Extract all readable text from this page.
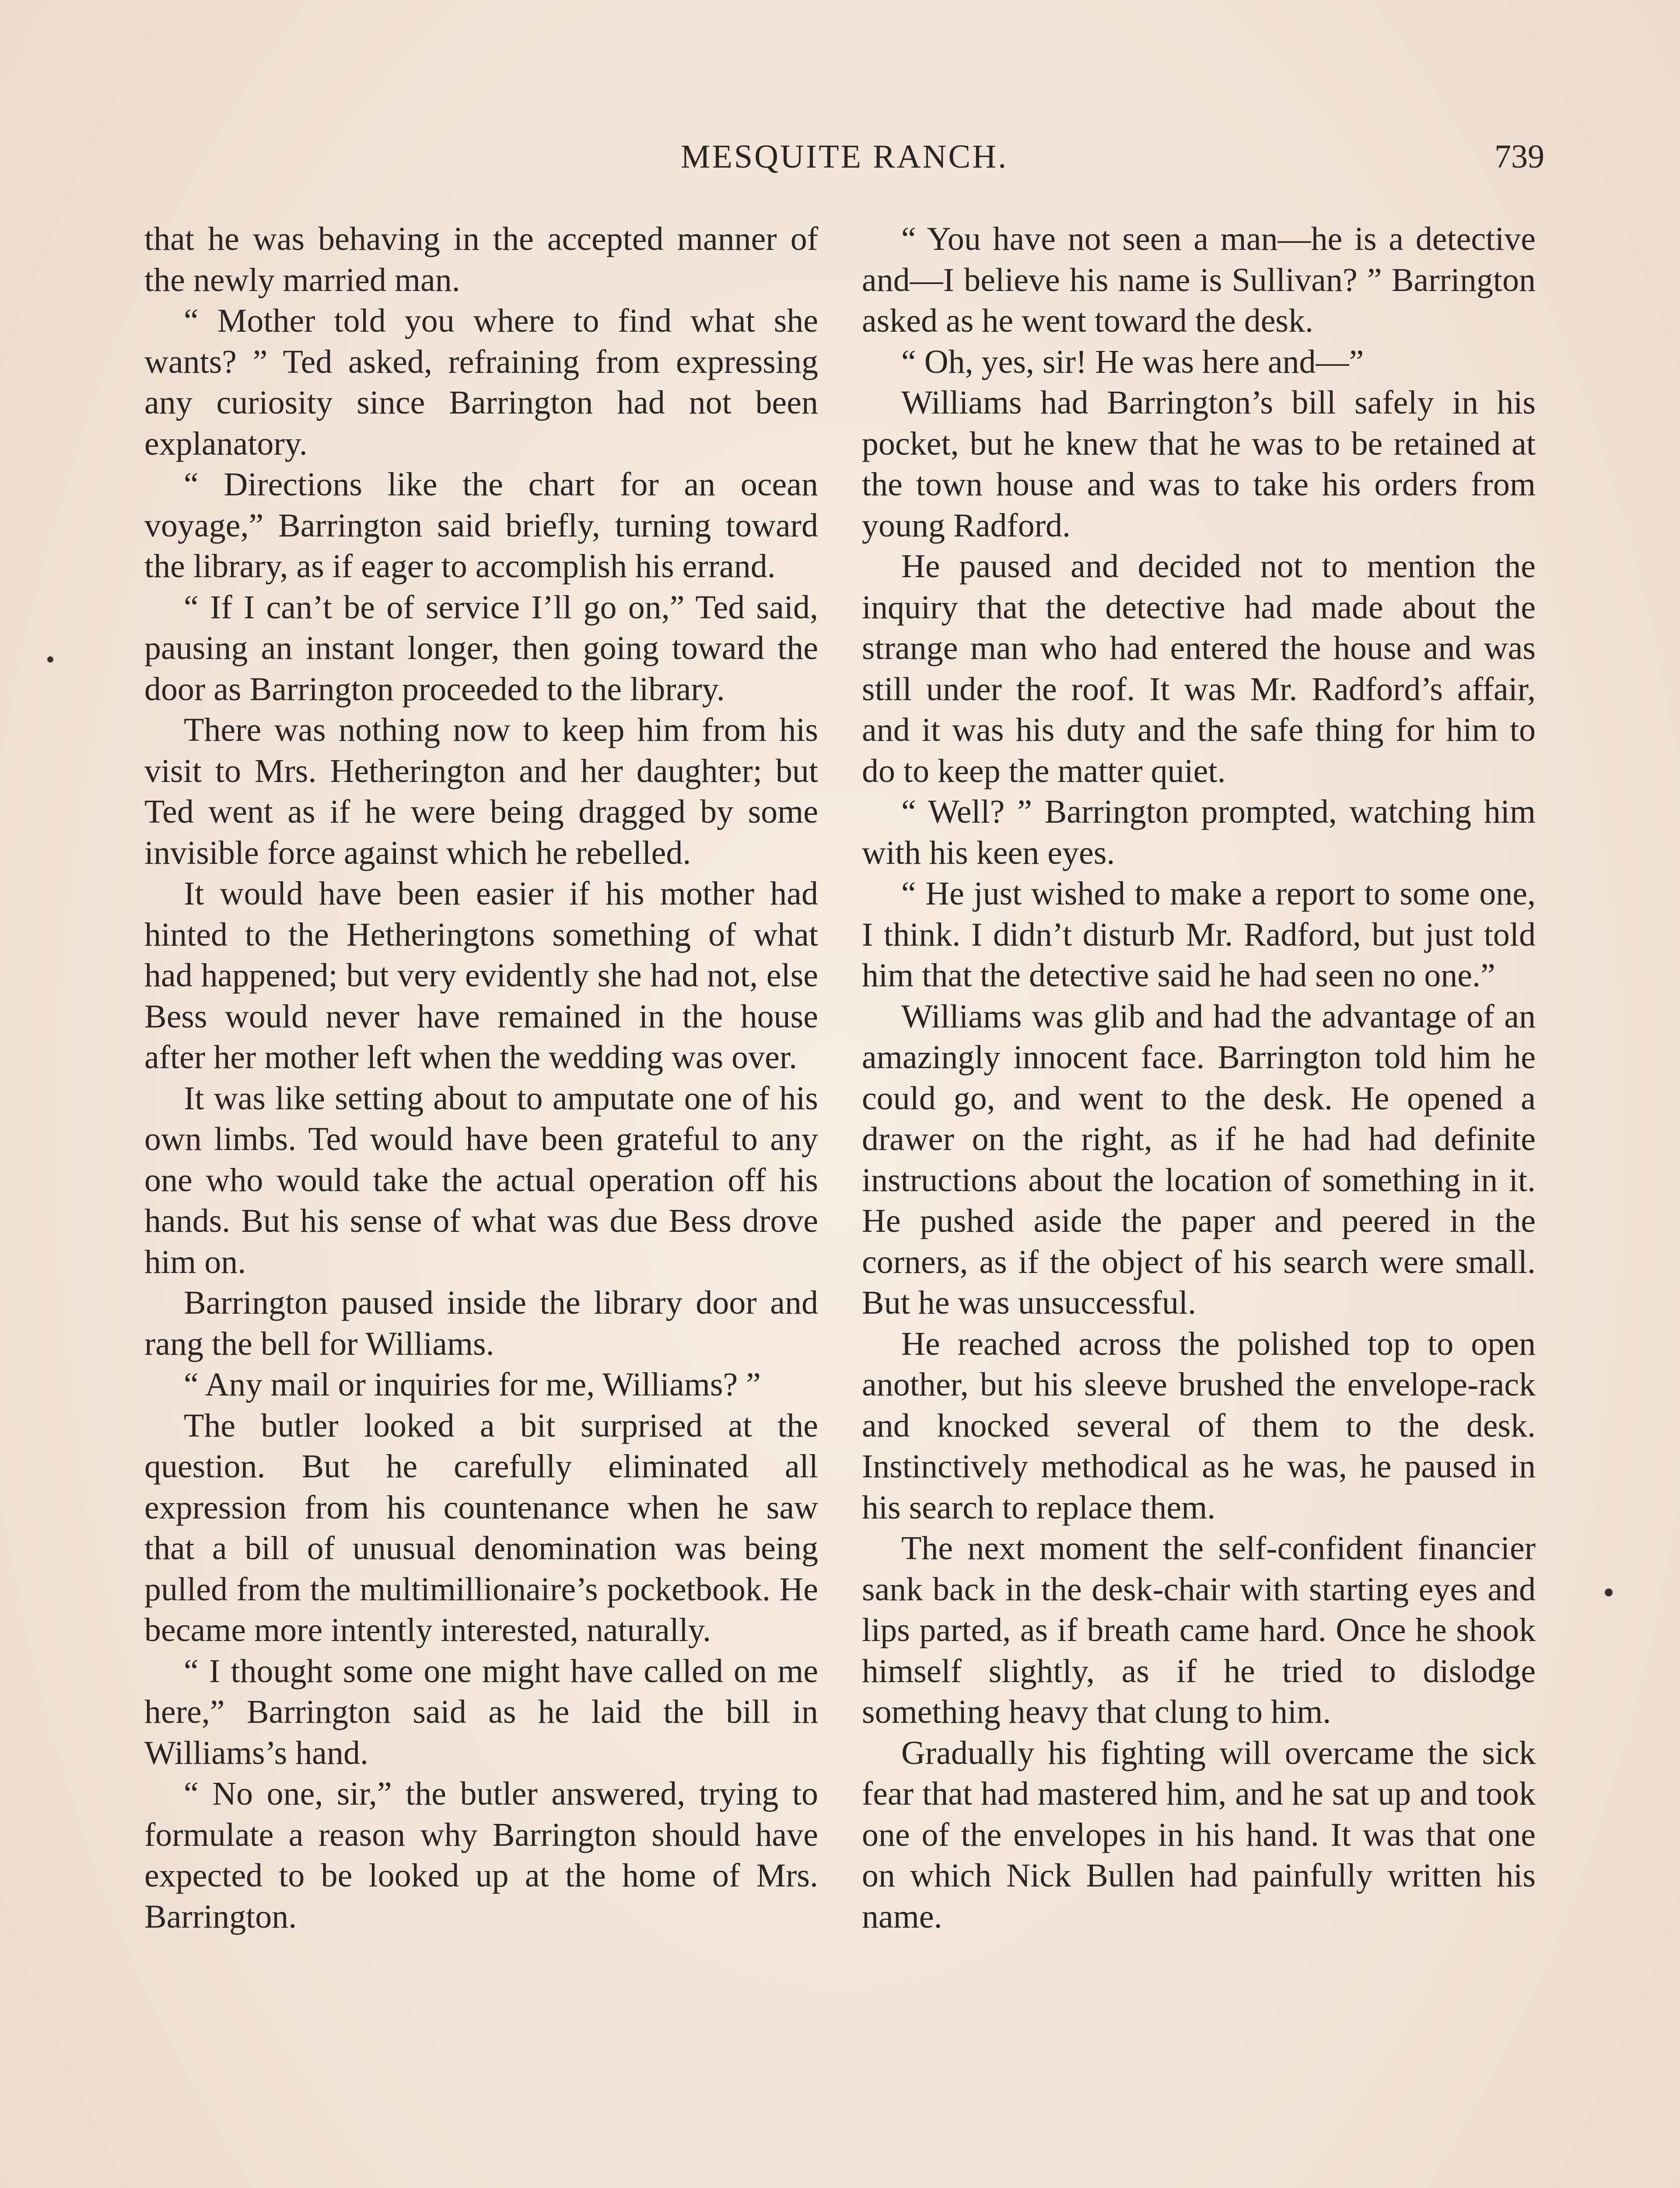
MESQUITE RANCH.	739

that he was behaving in the accepted manner of the newly married man.

“ Mother told you where to find what she wants? ” Ted asked, refraining from expressing any curiosity since Barrington had not been explanatory.

“ Directions like the chart for an ocean voyage,” Barrington said briefly, turning toward the library, as if eager to accomplish his errand.

“ If I can’t be of service I’ll go on,” Ted said, pausing an instant longer, then going toward the door as Barrington proceeded to the library.

There was nothing now to keep him from his visit to Mrs. Hetherington and her daughter; but Ted went as if he were being dragged by some invisible force against which he rebelled.

It would have been easier if his mother had hinted to the Hetheringtons something of what had happened; but very evidently she had not, else Bess would never have remained in the house after her mother left when the wedding was over.

It was like setting about to amputate one of his own limbs. Ted would have been grateful to any one who would take the actual operation off his hands. But his sense of what was due Bess drove him on.

Barrington paused inside the library door and rang the bell for Williams.

“ Any mail or inquiries for me, Williams? ”

The butler looked a bit surprised at the question. But he carefully eliminated all expression from his countenance when he saw that a bill of unusual denomination was being pulled from the multimillionaire’s pocketbook. He became more intently interested, naturally.

“ I thought some one might have called on me here,” Barrington said as he laid the bill in Williams’s hand.

“ No one, sir,” the butler answered, trying to formulate a reason why Barrington should have expected to be looked up at the home of Mrs. Barrington.

“ You have not seen a man—he is a detective and—I believe his name is Sullivan? ” Barrington asked as he went toward the desk.

“ Oh, yes, sir! He was here and—”

Williams had Barrington’s bill safely in his pocket, but he knew that he was to be retained at the town house and was to take his orders from young Radford.

He paused and decided not to mention the inquiry that the detective had made about the strange man who had entered the house and was still under the roof. It was Mr. Radford’s affair, and it was his duty and the safe thing for him to do to keep the matter quiet.

“ Well? ” Barrington prompted, watching him with his keen eyes.

“ He just wished to make a report to some one, I think. I didn’t disturb Mr. Radford, but just told him that the detective said he had seen no one.”

Williams was glib and had the advantage of an amazingly innocent face. Barrington told him he could go, and went to the desk. He opened a drawer on the right, as if he had had definite instructions about the location of something in it. He pushed aside the paper and peered in the corners, as if the object of his search were small. But he was unsuccessful.

He reached across the polished top to open another, but his sleeve brushed the envelope-rack and knocked several of them to the desk. Instinctively methodical as he was, he paused in his search to replace them.

The next moment the self-confident financier sank back in the desk-chair with starting eyes and lips parted, as if breath came hard. Once he shook himself slightly, as if he tried to dislodge something heavy that clung to him.

Gradually his fighting will overcame the sick fear that had mastered him, and he sat up and took one of the envelopes in his hand. It was that one on which Nick Bullen had painfully written his name.
